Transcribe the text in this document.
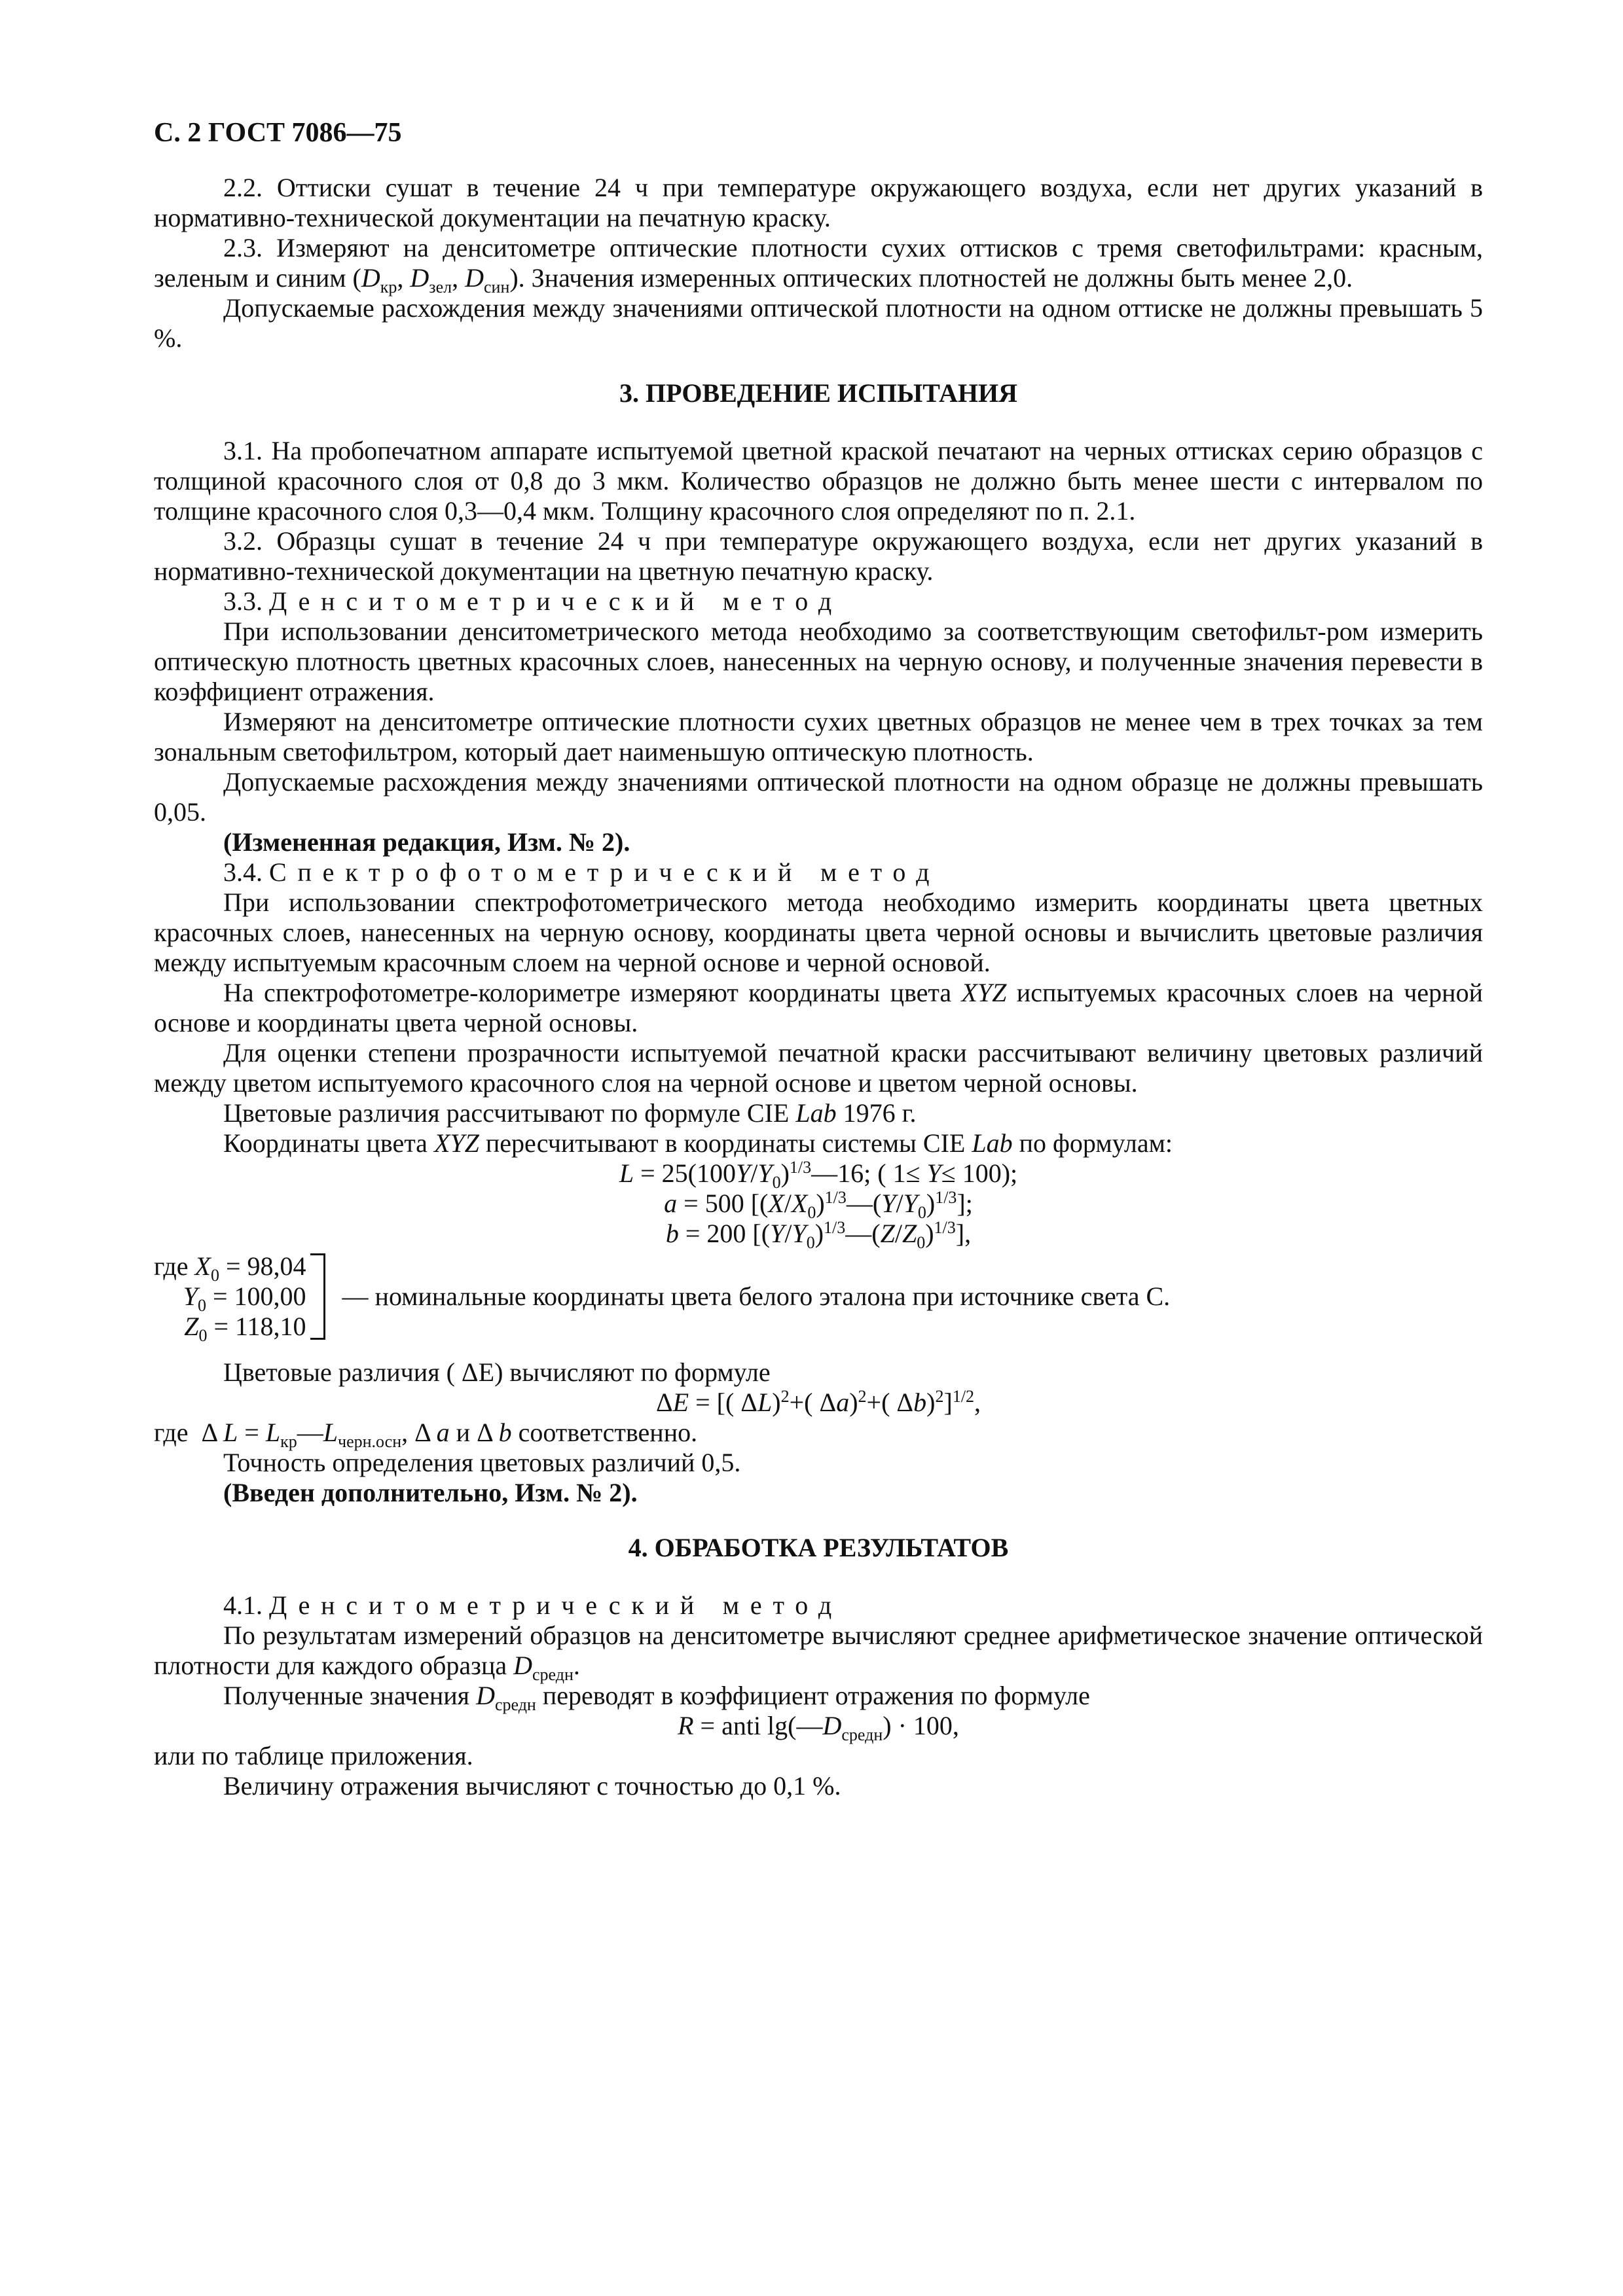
С. 2 ГОСТ 7086—75

2.2. Оттиски сушат в течение 24 ч при температуре окружающего воздуха, если нет других указаний в нормативно-технической документации на печатную краску.

2.3. Измеряют на денситометре оптические плотности сухих оттисков с тремя светофильтрами: красным, зеленым и синим ($D_{кр}$, $D_{зел}$, $D_{син}$). Значения измеренных оптических плотностей не должны быть менее 2,0.

Допускаемые расхождения между значениями оптической плотности на одном оттиске не должны превышать 5 %.

3. ПРОВЕДЕНИЕ ИСПЫТАНИЯ

3.1. На пробопечатном аппарате испытуемой цветной краской печатают на черных оттисках серию образцов с толщиной красочного слоя от 0,8 до 3 мкм. Количество образцов не должно быть менее шести с интервалом по толщине красочного слоя 0,3—0,4 мкм. Толщину красочного слоя определяют по п. 2.1.

3.2. Образцы сушат в течение 24 ч при температуре окружающего воздуха, если нет других указаний в нормативно-технической документации на цветную печатную краску.

3.3. Денситометрический метод

При использовании денситометрического метода необходимо за соответствующим светофильт-ром измерить оптическую плотность цветных красочных слоев, нанесенных на черную основу, и полученные значения перевести в коэффициент отражения.

Измеряют на денситометре оптические плотности сухих цветных образцов не менее чем в трех точках за тем зональным светофильтром, который дает наименьшую оптическую плотность.

Допускаемые расхождения между значениями оптической плотности на одном образце не должны превышать 0,05.

(Измененная редакция, Изм. № 2).

3.4. Спектрофотометрический метод

При использовании спектрофотометрического метода необходимо измерить координаты цвета цветных красочных слоев, нанесенных на черную основу, координаты цвета черной основы и вычислить цветовые различия между испытуемым красочным слоем на черной основе и черной основой.

На спектрофотометре-колориметре измеряют координаты цвета XYZ испытуемых красочных слоев на черной основе и координаты цвета черной основы.

Для оценки степени прозрачности испытуемой печатной краски рассчитывают величину цветовых различий между цветом испытуемого красочного слоя на черной основе и цветом черной основы.

Цветовые различия рассчитывают по формуле CIE Lab 1976 г.

Координаты цвета XYZ пересчитывают в координаты системы CIE Lab по формулам:

$L = 25(100Y/Y_0)^{1/3}—16$; ( 1≤ Y≤ 100);

a = 500 $[(X/X_0)^{1/3}—(Y/Y_0)^{1/3}]$;

b = 200 $[(Y/Y_0)^{1/3}—(Z/Z_0)^{1/3}]$,

где $X_0 = 98,04$
$Y_0 = 100,00$
$Z_0 = 118,10$
— номинальные координаты цвета белого эталона при источнике света С.

Цветовые различия ( ΔE) вычисляют по формуле

ΔE = [( ΔL)$^2$+( Δa)$^2$+( Δb)$^2$]$^{1/2}$,

где  Δ $L = L_{кр}—L_{черн.осн}$, Δ a и Δ b соответственно.

Точность определения цветовых различий 0,5.

(Введен дополнительно, Изм. № 2).

4. ОБРАБОТКА РЕЗУЛЬТАТОВ

4.1. Денситометрический метод

По результатам измерений образцов на денситометре вычисляют среднее арифметическое значение оптической плотности для каждого образца $D_{средн}$.

Полученные значения $D_{средн}$ переводят в коэффициент отражения по формуле

R = anti $\lg(—D_{средн}) \cdot 100$,

или по таблице приложения.

Величину отражения вычисляют с точностью до 0,1 %.
